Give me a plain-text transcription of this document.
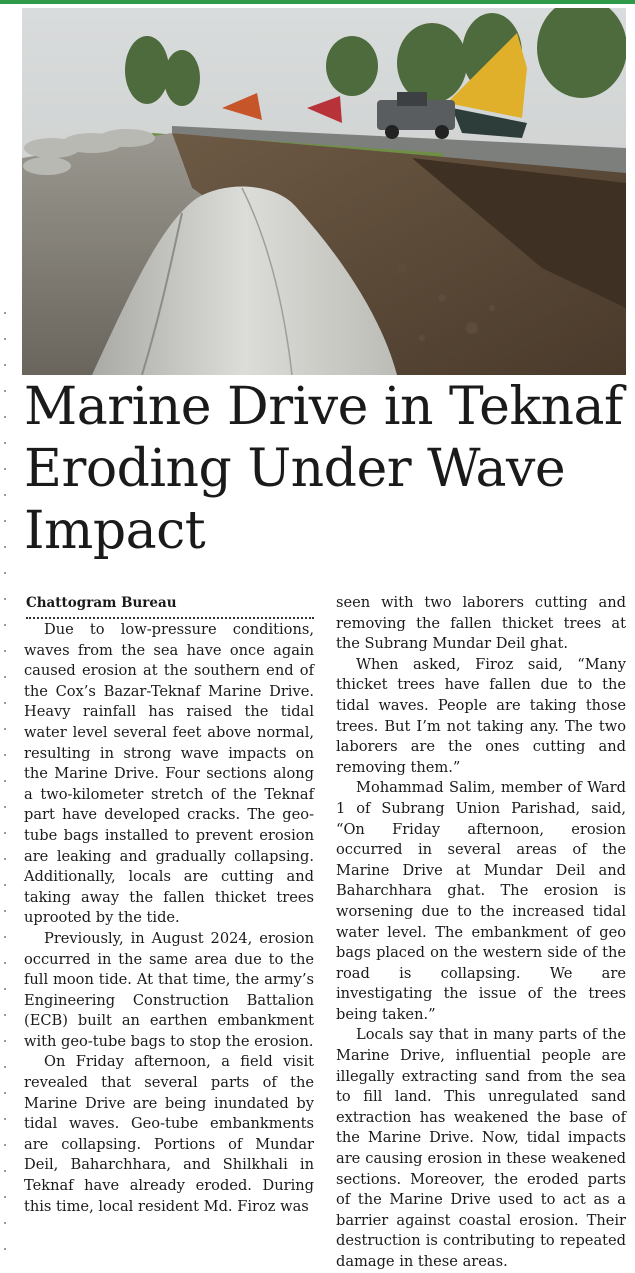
Marine Drive in Teknaf Eroding Under Wave Impact
Chattogram Bureau

Due to low-pressure conditions, waves from the sea have once again caused erosion at the southern end of the Cox’s Bazar-Teknaf Marine Drive. Heavy rainfall has raised the tidal water level several feet above normal, resulting in strong wave impacts on the Marine Drive. Four sections along a two-kilometer stretch of the Teknaf part have developed cracks. The geo-tube bags installed to prevent erosion are leaking and gradually collapsing. Additionally, locals are cutting and taking away the fallen thicket trees uprooted by the tide.

Previously, in August 2024, erosion occurred in the same area due to the full moon tide. At that time, the army’s Engineering Construction Battalion (ECB) built an earthen embankment with geo-tube bags to stop the erosion.

On Friday afternoon, a field visit revealed that several parts of the Marine Drive are being inundated by tidal waves. Geo-tube embankments are collapsing. Portions of Mundar Deil, Baharchhara, and Shilkhali in Teknaf have already eroded. During this time, local resident Md. Firoz was

seen with two laborers cutting and removing the fallen thicket trees at the Subrang Mundar Deil ghat.

When asked, Firoz said, “Many thicket trees have fallen due to the tidal waves. People are taking those trees. But I’m not taking any. The two laborers are the ones cutting and removing them.”

Mohammad Salim, member of Ward 1 of Subrang Union Parishad, said, “On Friday afternoon, erosion occurred in several areas of the Marine Drive at Mundar Deil and Baharchhara ghat. The erosion is worsening due to the increased tidal water level. The embankment of geo bags placed on the western side of the road is collapsing. We are investigating the issue of the trees being taken.”

Locals say that in many parts of the Marine Drive, influential people are illegally extracting sand from the sea to fill land. This unregulated sand extraction has weakened the base of the Marine Drive. Now, tidal impacts are causing erosion in these weakened sections. Moreover, the eroded parts of the Marine Drive used to act as a barrier against coastal erosion. Their destruction is contributing to repeated damage in these areas.
